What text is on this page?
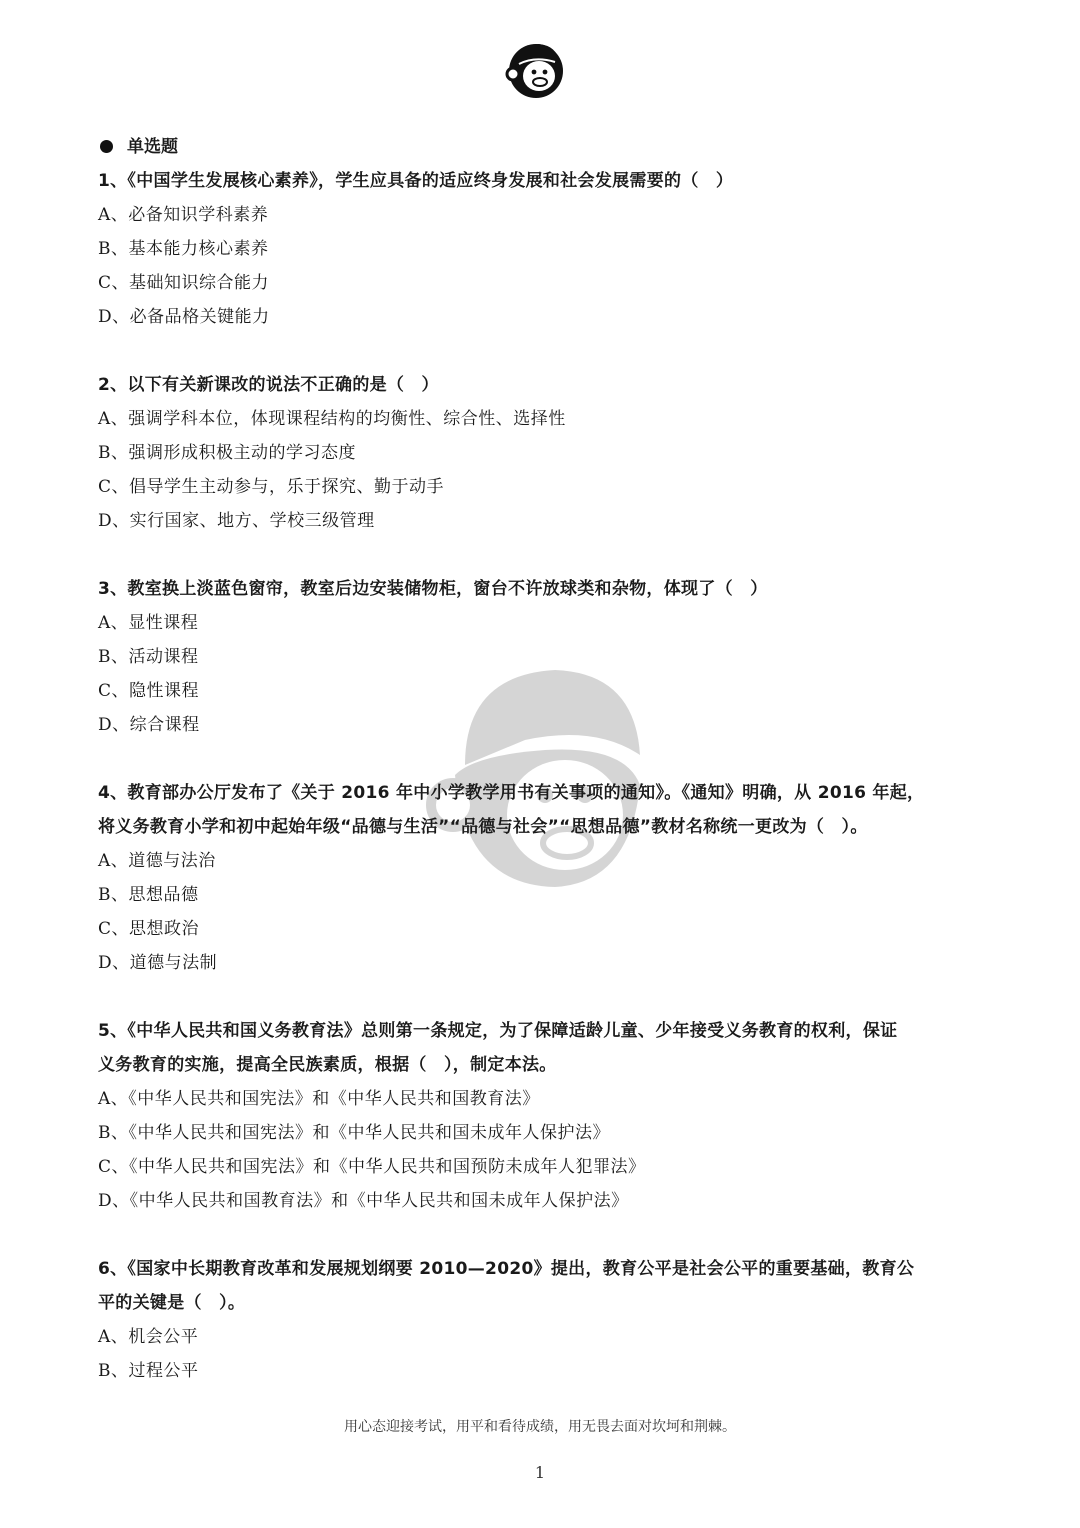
单选题

1、《中国学生发展核心素养》，学生应具备的适应终身发展和社会发展需要的（　）

A、必备知识学科素养

B、基本能力核心素养

C、基础知识综合能力

D、必备品格关键能力

2、以下有关新课改的说法不正确的是（　）

A、强调学科本位，体现课程结构的均衡性、综合性、选择性

B、强调形成积极主动的学习态度

C、倡导学生主动参与，乐于探究、勤于动手

D、实行国家、地方、学校三级管理

3、教室换上淡蓝色窗帘，教室后边安装储物柜，窗台不许放球类和杂物，体现了（　）

A、显性课程

B、活动课程

C、隐性课程

D、综合课程

4、教育部办公厅发布了《关于 2016 年中小学教学用书有关事项的通知》。《通知》明确，从 2016 年起，

将义务教育小学和初中起始年级“品德与生活”“品德与社会”“思想品德”教材名称统一更改为（　）。

A、道德与法治

B、思想品德

C、思想政治

D、道德与法制

5、《中华人民共和国义务教育法》总则第一条规定，为了保障适龄儿童、少年接受义务教育的权利，保证

义务教育的实施，提高全民族素质，根据（　），制定本法。

A、《中华人民共和国宪法》和《中华人民共和国教育法》

B、《中华人民共和国宪法》和《中华人民共和国未成年人保护法》

C、《中华人民共和国宪法》和《中华人民共和国预防未成年人犯罪法》

D、《中华人民共和国教育法》和《中华人民共和国未成年人保护法》

6、《国家中长期教育改革和发展规划纲要 2010—2020》提出，教育公平是社会公平的重要基础，教育公

平的关键是（　）。

A、机会公平

B、过程公平

用心态迎接考试，用平和看待成绩，用无畏去面对坎坷和荆棘。
1
